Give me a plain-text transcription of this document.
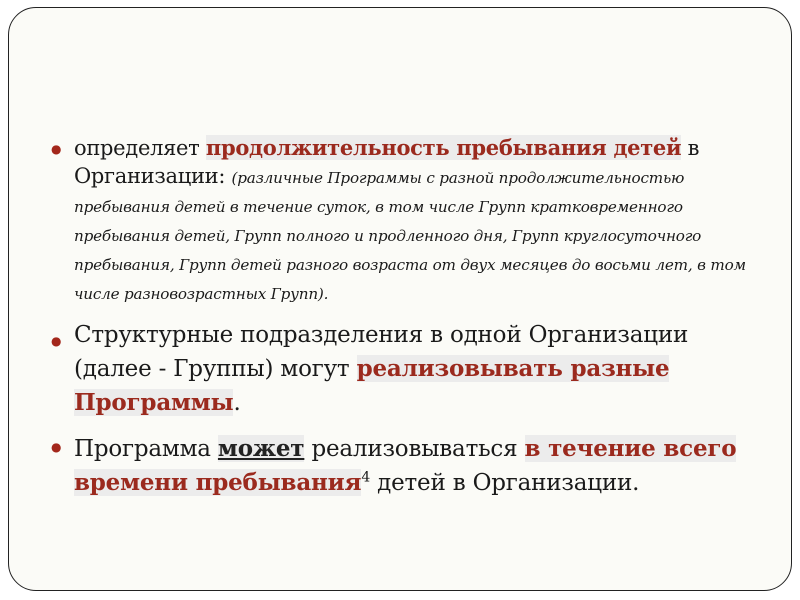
● определяет продолжительность пребывания детей в Организации: (различные Программы с разной продолжительностью пребывания детей в течение суток, в том числе Групп кратковременного пребывания детей, Групп полного и продленного дня, Групп круглосуточного пребывания, Групп детей разного возраста от двух месяцев до восьми лет, в том числе разновозрастных Групп).
● Структурные подразделения в одной Организации (далее - Группы) могут реализовывать разные Программы.
● Программа может реализовываться в течение всего времени пребывания$^4$ детей в Организации.
